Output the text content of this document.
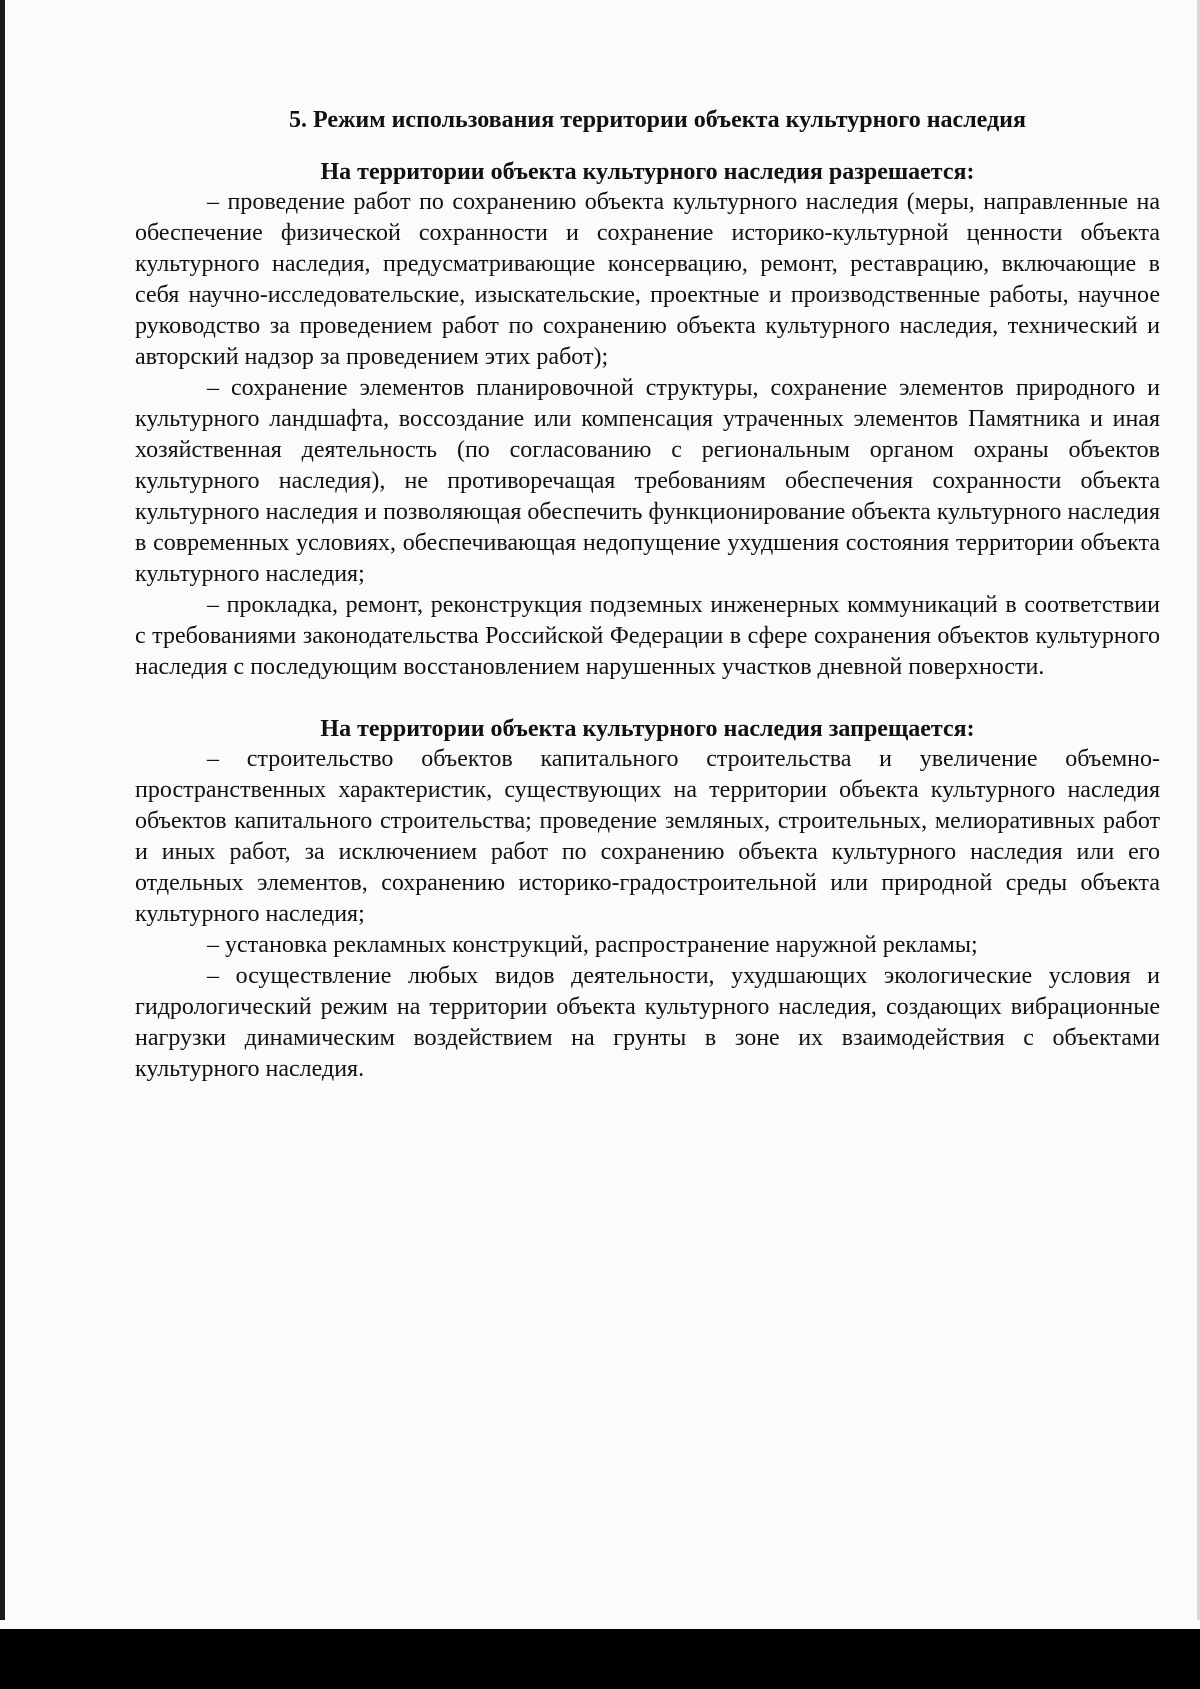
5. Режим использования территории объекта культурного наследия
На территории объекта культурного наследия разрешается:

– проведение работ по сохранению объекта культурного наследия (меры, направленные на обеспечение физической сохранности и сохранение историко-культурной ценности объекта культурного наследия, предусматривающие консервацию, ремонт, реставрацию, включающие в себя научно-исследовательские, изыскательские, проектные и производственные работы, научное руководство за проведением работ по сохранению объекта культурного наследия, технический и авторский надзор за проведением этих работ);

– сохранение элементов планировочной структуры, сохранение элементов природного и культурного ландшафта, воссоздание или компенсация утраченных элементов Памятника и иная хозяйственная деятельность (по согласованию с региональным органом охраны объектов культурного наследия), не противоречащая требованиям обеспечения сохранности объекта культурного наследия и позволяющая обеспечить функционирование объекта культурного наследия в современных условиях, обеспечивающая недопущение ухудшения состояния территории объекта культурного наследия;

– прокладка, ремонт, реконструкция подземных инженерных коммуникаций в соответствии с требованиями законодательства Российской Федерации в сфере сохранения объектов культурного наследия с последующим восстановлением нарушенных участков дневной поверхности.

На территории объекта культурного наследия запрещается:

– строительство объектов капитального строительства и увеличение объемно-пространственных характеристик, существующих на территории объекта культурного наследия объектов капитального строительства; проведение земляных, строительных, мелиоративных работ и иных работ, за исключением работ по сохранению объекта культурного наследия или его отдельных элементов, сохранению историко-градостроительной или природной среды объекта культурного наследия;

– установка рекламных конструкций, распространение наружной рекламы;

– осуществление любых видов деятельности, ухудшающих экологические условия и гидрологический режим на территории объекта культурного наследия, создающих вибрационные нагрузки динамическим воздействием на грунты в зоне их взаимодействия с объектами культурного наследия.
